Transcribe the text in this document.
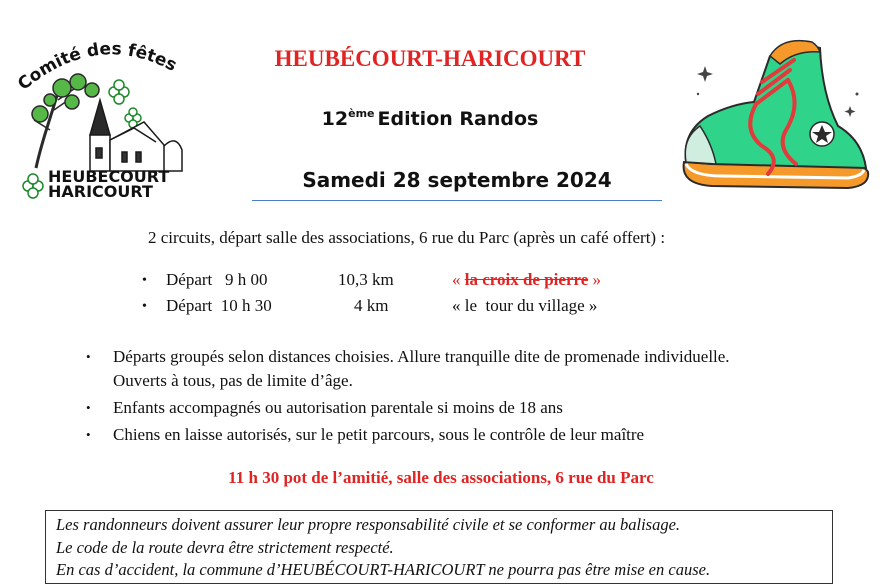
Comité des fêtes
HEUBECOURT
HARICOURT
HEUBÉCOURT-HARICOURT
12ème Edition Randos
Samedi 28 septembre 2024
2 circuits, départ salle des associations, 6 rue du Parc (après un café offert) :
• Départ   9 h 00	10,3 km	« la croix de pierre »
• Départ  10 h 30	4 km	« le  tour du village »
• Départs groupés selon distances choisies. Allure tranquille dite de promenade individuelle.
Ouverts à tous, pas de limite d’âge.
• Enfants accompagnés ou autorisation parentale si moins de 18 ans
• Chiens en laisse autorisés, sur le petit parcours, sous le contrôle de leur maître
11 h 30 pot de l’amitié, salle des associations, 6 rue du Parc
Les randonneurs doivent assurer leur propre responsabilité civile et se conformer au balisage.
Le code de la route devra être strictement respecté.
En cas d’accident, la commune d’HEUBÉCOURT-HARICOURT ne pourra pas être mise en cause.
